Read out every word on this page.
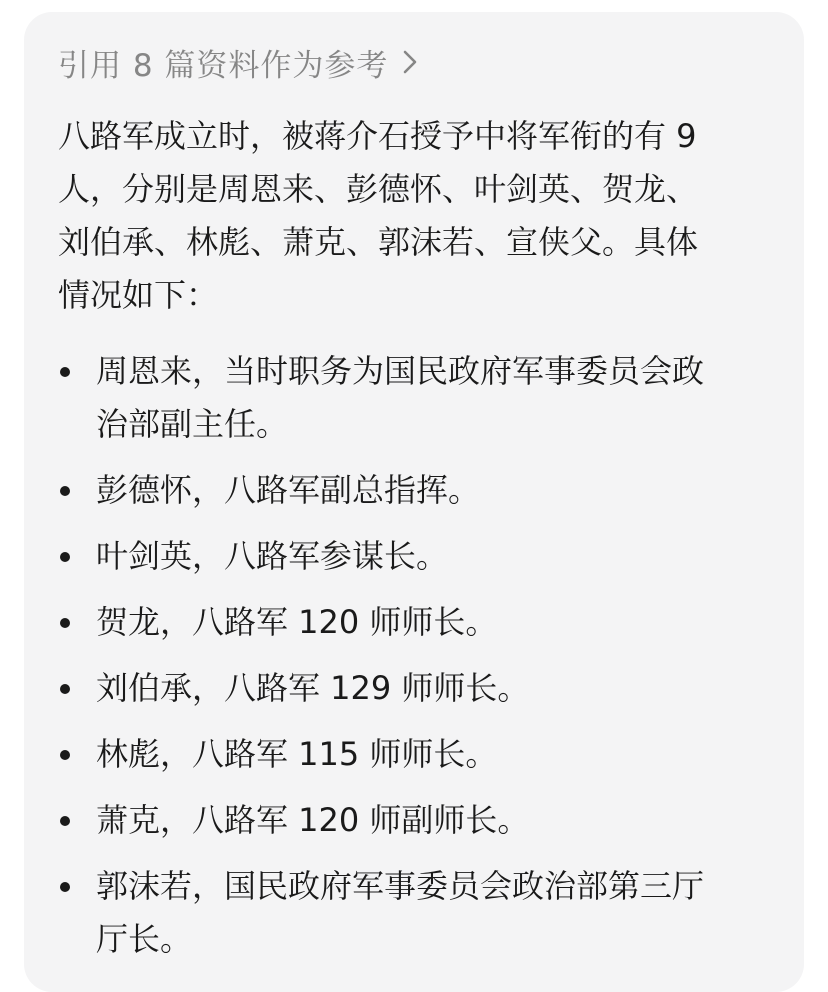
引用 8 篇资料作为参考
八路军成立时，被蒋介石授予中将军衔的有 9
人，分别是周恩来、彭德怀、叶剑英、贺龙、
刘伯承、林彪、萧克、郭沫若、宣侠父。具体
情况如下：
周恩来，当时职务为国民政府军事委员会政
治部副主任。
彭德怀，八路军副总指挥。
叶剑英，八路军参谋长。
贺龙，八路军 120 师师长。
刘伯承，八路军 129 师师长。
林彪，八路军 115 师师长。
萧克，八路军 120 师副师长。
郭沫若，国民政府军事委员会政治部第三厅
厅长。
